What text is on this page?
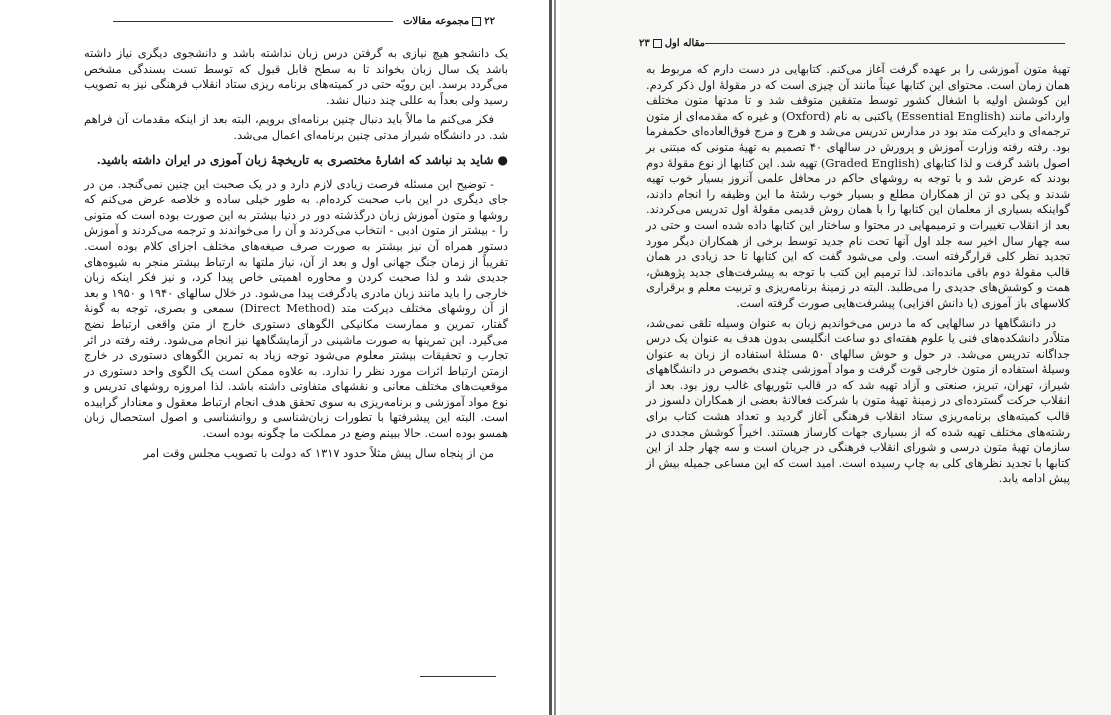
۲۲مجموعه مقالات

یک دانشجو هیچ نیازی به گرفتن درس زبان نداشته باشد و دانشجوی دیگری نیاز داشته باشد یک سال زبان بخواند تا به سطح قابل قبول که توسط تست بسندگی مشخص می‌گردد برسد. این رویّه حتی در کمیته‌های برنامه ریزی ستاد انقلاب فرهنگی نیز به تصویب رسید ولی بعداً به عللی چند دنبال نشد.

فکر می‌کنم ما مالاً باید دنبال چنین برنامه‌ای برویم، البته بعد از اینکه مقدمات آن فراهم شد. در دانشگاه شیراز مدتی چنین برنامه‌ای اعمال می‌شد.

●شاید بد نباشد که اشارهٔ مختصری به تاریخچهٔ زبان آموزی در ایران داشته باشید.

- توضیح این مسئله فرصت زیادی لازم دارد و در یک صحبت این چنین نمی‌گنجد. من در جای دیگری در این باب صحبت کرده‌ام. به طور خیلی ساده و خلاصه عرض می‌کنم که روشها و متون آموزش زبان درگذشته دور در دنیا بیشتر به این صورت بوده است که متونی را - بیشتر از متون ادبی - انتخاب می‌کردند و آن را می‌خواندند و ترجمه می‌کردند و آموزش دستور همراه آن نیز بیشتر به صورت صرف صیغه‌های مختلف اجزای کلام بوده است. تقریباً از زمان جنگ جهانی اول و بعد از آن، نیاز ملتها به ارتباط بیشتر منجر به شیوه‌های جدیدی شد و لذا صحبت کردن و محاوره اهمیتی خاص پیدا کرد، و نیز فکر اینکه زبان خارجی را باید مانند زبان مادری یادگرفت پیدا می‌شود. در خلال سالهای ۱۹۴۰ و ۱۹۵۰ و بعد از آن روشهای مختلف دیرکت متد (Direct Method) سمعی و بصری، توجه به گونهٔ گفتار، تمرین و ممارست مکانیکی الگوهای دستوری خارج از متن واقعی ارتباط نضج می‌گیرد. این تمرینها به صورت ماشینی در آزمایشگاهها نیز انجام می‌شود. رفته رفته در اثر تجارب و تحقیقات بیشتر معلوم می‌شود توجه زیاد به تمرین الگوهای دستوری در خارج ازمتن ارتباط اثرات مورد نظر را ندارد. به علاوه ممکن است یک الگوی واحد دستوری در موقعیت‌های مختلف معانی و نقشهای متفاوتی داشته باشد. لذا امروزه روشهای تدریس و نوع مواد آموزشی و برنامه‌ریزی به سوی تحقق هدف انجام ارتباط معقول و معنادار گراییده است. البته این پیشرفتها با تطورات زبان‌شناسی و روانشناسی و اصول استحصال زبان همسو بوده است. حالا ببینم وضع در مملکت ما چگونه بوده است.

من از پنجاه سال پیش مثلاً حدود ۱۳۱۷ که دولت با تصویب مجلس وقت امر

مقاله اول۲۳

تهیهٔ متون آموزشی را بر عهده گرفت آغاز می‌کنم. کتابهایی در دست دارم که مربوط به همان زمان است. محتوای این کتابها عیناً مانند آن چیزی است که در مقولهٔ اول ذکر کردم. این کوشش اولیه با اشغال کشور توسط متفقین متوقف شد و تا مدتها متون مختلف وارداتی مانند (Essential English) یاکتبی به نام (Oxford) و غیره که مقدمه‌ای از متون ترجمه‌ای و دایرکت متد بود در مدارس تدریس می‌شد و هرج و مرج فوق‌العاده‌ای حکمفرما بود. رفته رفته وزارت آموزش و پرورش در سالهای ۴۰ تصمیم به تهیهٔ متونی که مبتنی بر اصول باشد گرفت و لذا کتابهای (Graded English) تهیه شد. این کتابها از نوع مقولهٔ دوم بودند که عرض شد و با توجه به روشهای حاکم در محافل علمی آنروز بسیار خوب تهیه شدند و یکی دو تن از همکاران مطلع و بسیار خوب رشتهٔ ما این وظیفه را انجام دادند، گواینکه بسیاری از معلمان این کتابها را با همان روش قدیمی مقولهٔ اول تدریس می‌کردند. بعد از انقلاب تغییرات و ترمیمهایی در محتوا و ساختار این کتابها داده شده است و حتی در سه چهار سال اخیر سه جلد اول آنها تحت نام جدید توسط برخی از همکاران دیگر مورد تجدید نظر کلی قرارگرفته است. ولی می‌شود گفت که این کتابها تا حد زیادی در همان قالب مقولهٔ دوم باقی مانده‌اند. لذا ترمیم این کتب با توجه به پیشرفت‌های جدید پژوهش، همت و کوشش‌های جدیدی را می‌طلبد. البته در زمینهٔ برنامه‌ریزی و تربیت معلم و برقراری کلاسهای باز آموزی (یا دانش افزایی) پیشرفت‌هایی صورت گرفته است.

در دانشگاهها در سالهایی که ما درس می‌خواندیم زبان به عنوان وسیله تلقی نمی‌شد، متلاًدر دانشکده‌های فنی یا علوم هفته‌ای دو ساعت انگلیسی بدون هدف به عنوان یک درس جداگانه تدریس می‌شد. در حول و حوش سالهای ۵۰ مسئلهٔ استفاده از زبان به عنوان وسیلهٔ استفاده از متون خارجی قوت گرفت و مواد آموزشی چندی بخصوص در دانشگاههای شیراز، تهران، تبریز، صنعتی و آزاد تهیه شد که در قالب تئوریهای غالب روز بود. بعد از انقلاب حرکت گسترده‌ای در زمینهٔ تهیهٔ متون با شرکت فعالانهٔ بعضی از همکاران دلسوز در قالب کمیته‌های برنامه‌ریزی ستاد انقلاب فرهنگی آغاز گردید و تعداد هشت کتاب برای رشته‌های مختلف تهیه شده که از بسیاری جهات کارساز هستند. اخیراً کوشش مجددی در سازمان تهیهٔ متون درسی و شورای انقلاب فرهنگی در جریان است و سه چهار جلد از این کتابها با تجدید نظرهای کلی به چاپ رسیده است. امید است که این مساعی جمیله بیش از پیش ادامه یابد.
